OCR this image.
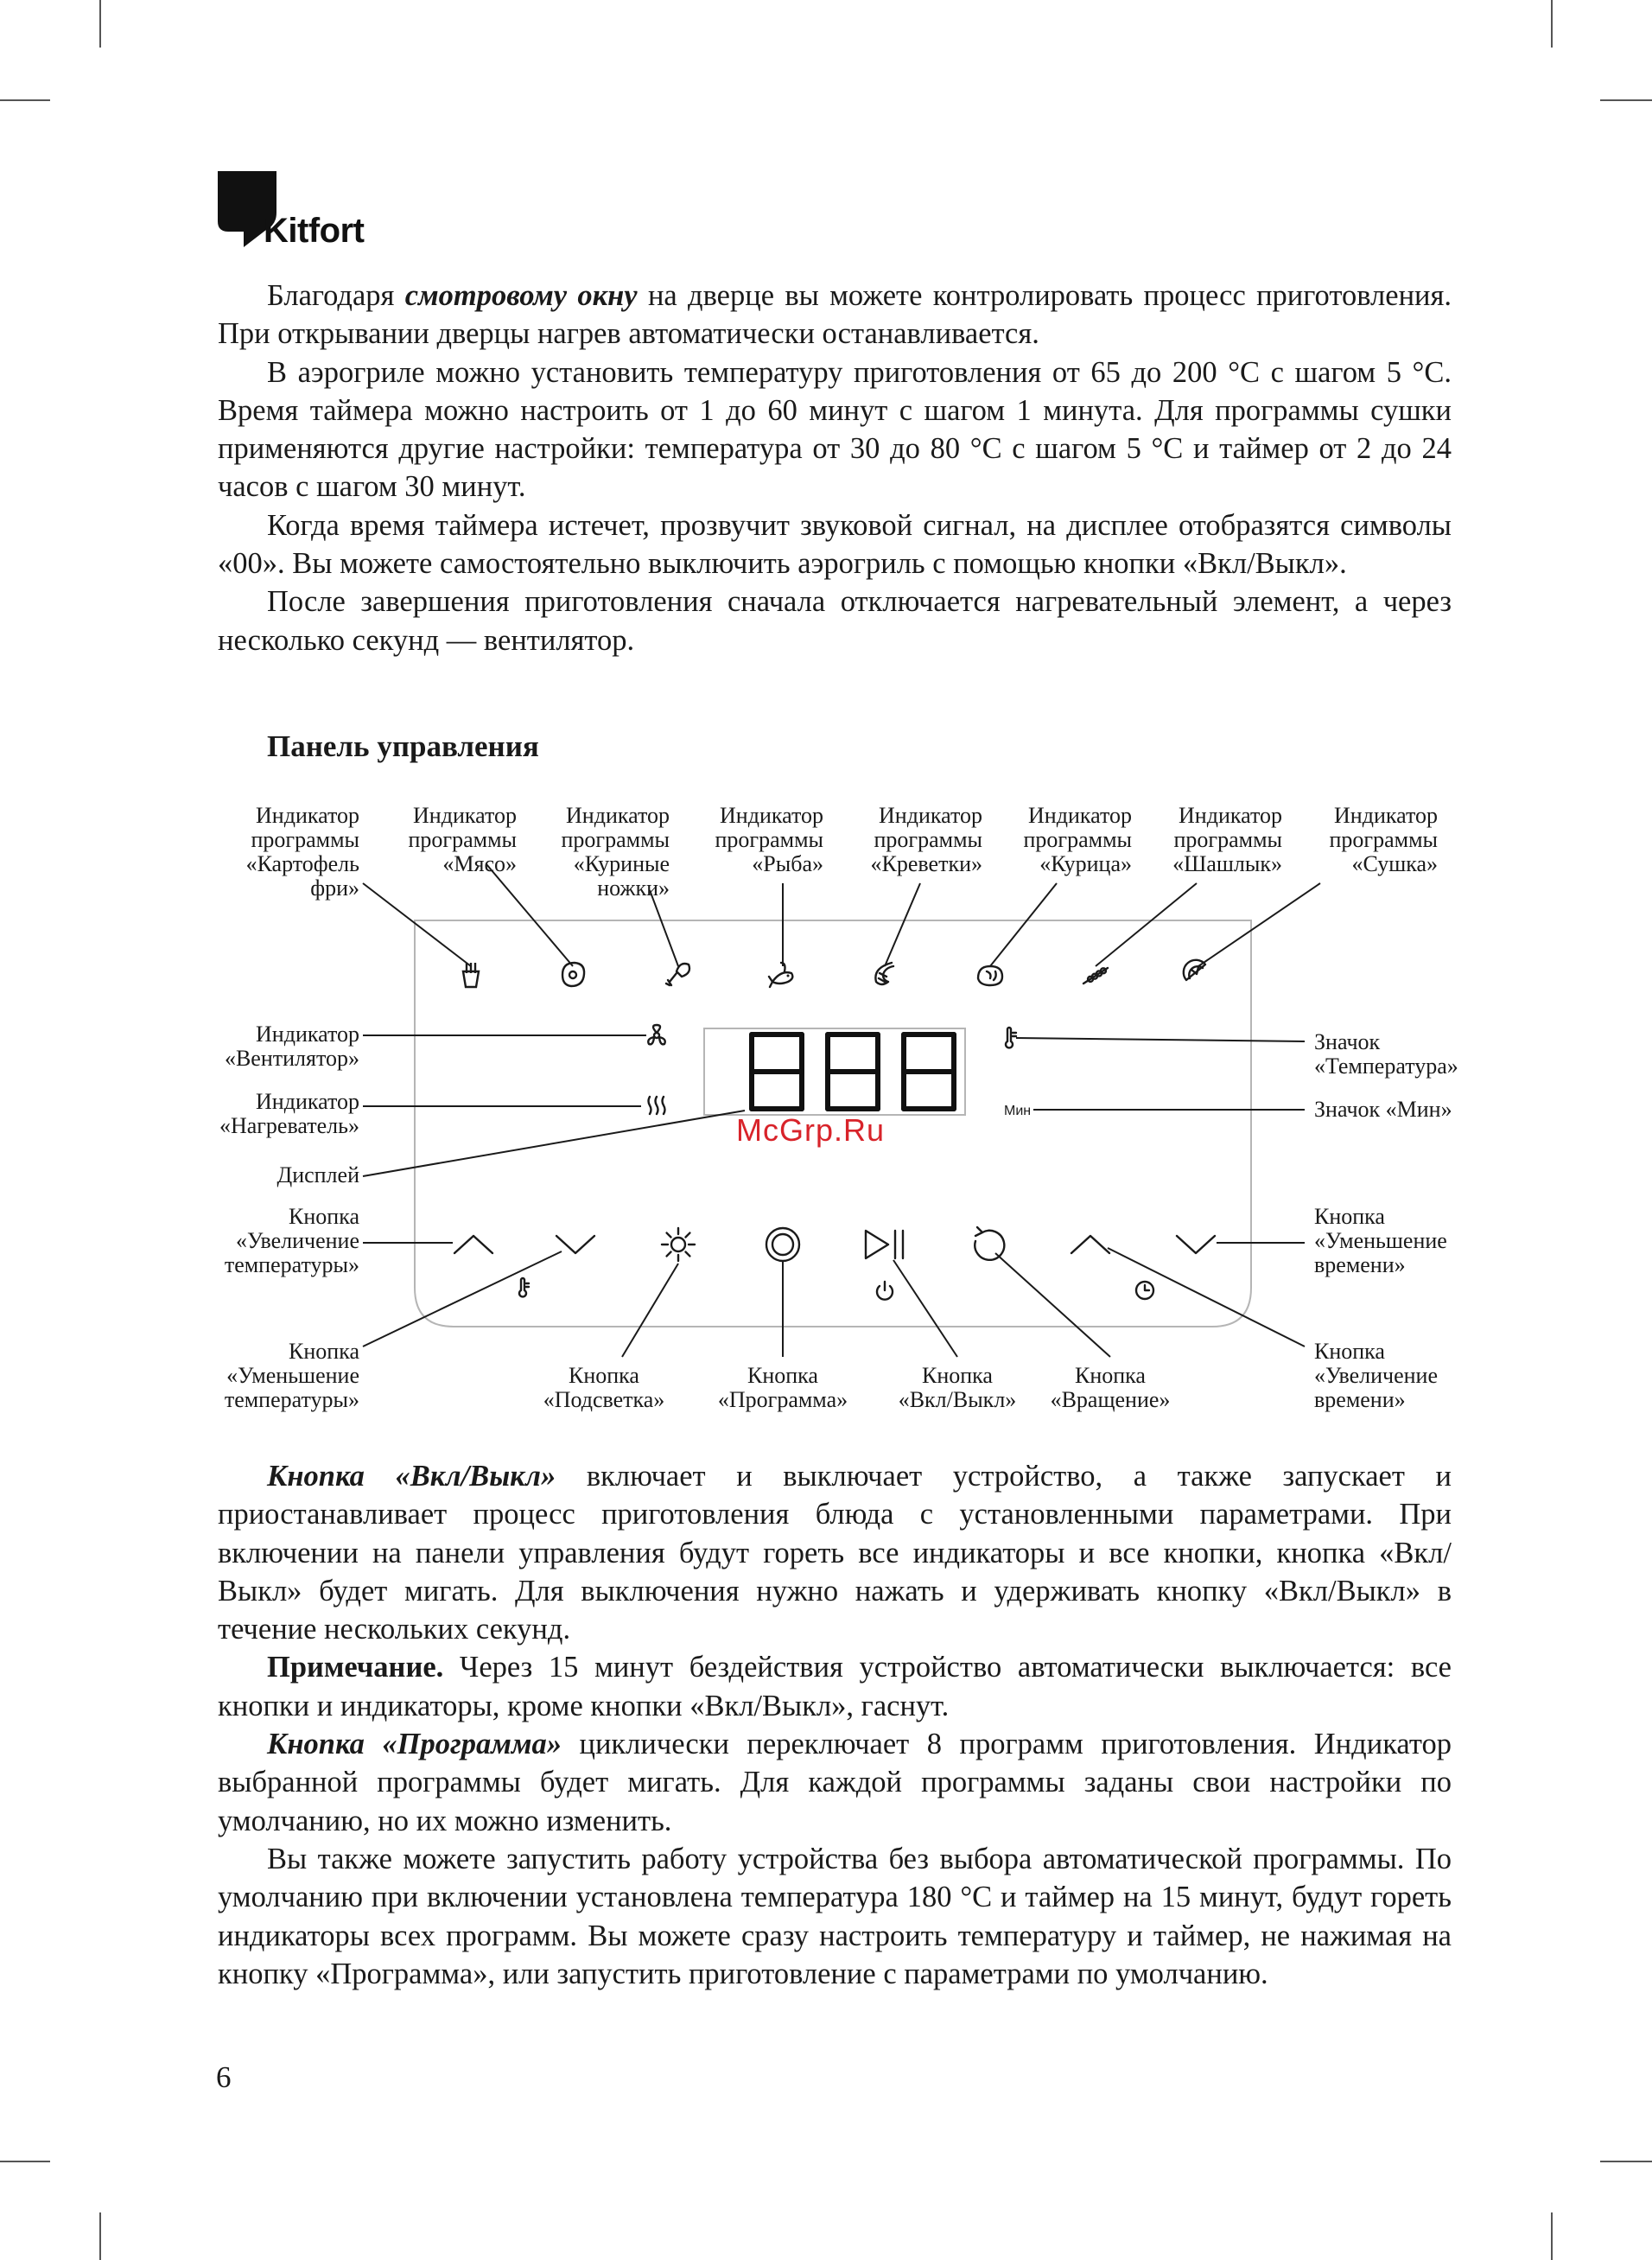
Kitfort

Благодаря смотровому окну на дверце вы можете контролировать процесс приготовления. При открывании дверцы нагрев автоматически останавливается.

В аэрогриле можно установить температуру приготовления от 65 до 200 °С с шагом 5 °С. Время таймера можно настроить от 1 до 60 минут с шагом 1 минута. Для программы сушки применяются другие настройки: температура от 30 до 80 °С с шагом 5 °С и таймер от 2 до 24 часов с шагом 30 минут.

Когда время таймера истечет, прозвучит звуковой сигнал, на дисплее отобразятся символы «00». Вы можете самостоятельно выключить аэрогриль с помощью кнопки «Вкл/Выкл».

После завершения приготовления сначала отключается нагревательный элемент, а через несколько секунд — вентилятор.

Панель управления
McGrp.Ru
Мин
Индикатор программы «Картофель фри»
Индикатор программы «Мясо»
Индикатор программы «Куриные ножки»
Индикатор программы «Рыба»
Индикатор программы «Креветки»
Индикатор программы «Курица»
Индикатор программы «Шашлык»
Индикатор программы «Сушка»
Индикатор «Вентилятор»
Индикатор «Нагреватель»
Дисплей
Кнопка «Увеличение температуры»
Кнопка «Уменьшение температуры»
Значок «Температура»
Значок «Мин»
Кнопка «Уменьшение времени»
Кнопка «Увеличение времени»
Кнопка «Подсветка»
Кнопка «Программа»
Кнопка «Вкл/Выкл»
Кнопка «Вращение»

Кнопка «Вкл/Выкл» включает и выключает устройство, а также запускает и приостанавливает процесс приготовления блюда с установленными параметрами. При включении на панели управления будут гореть все индикаторы и все кнопки, кнопка «Вкл/Выкл» будет мигать. Для выключения нужно нажать и удерживать кнопку «Вкл/Выкл» в течение нескольких секунд.

Примечание. Через 15 минут бездействия устройство автоматически выключается: все кнопки и индикаторы, кроме кнопки «Вкл/Выкл», гаснут.

Кнопка «Программа» циклически переключает 8 программ приготовления. Индикатор выбранной программы будет мигать. Для каждой программы заданы свои настройки по умолчанию, но их можно изменить.

Вы также можете запустить работу устройства без выбора автоматической программы. По умолчанию при включении установлена температура 180 °С и таймер на 15 минут, будут гореть индикаторы всех программ. Вы можете сразу настроить температуру и таймер, не нажимая на кнопку «Программа», или запустить приготовление с параметрами по умолчанию.

6
